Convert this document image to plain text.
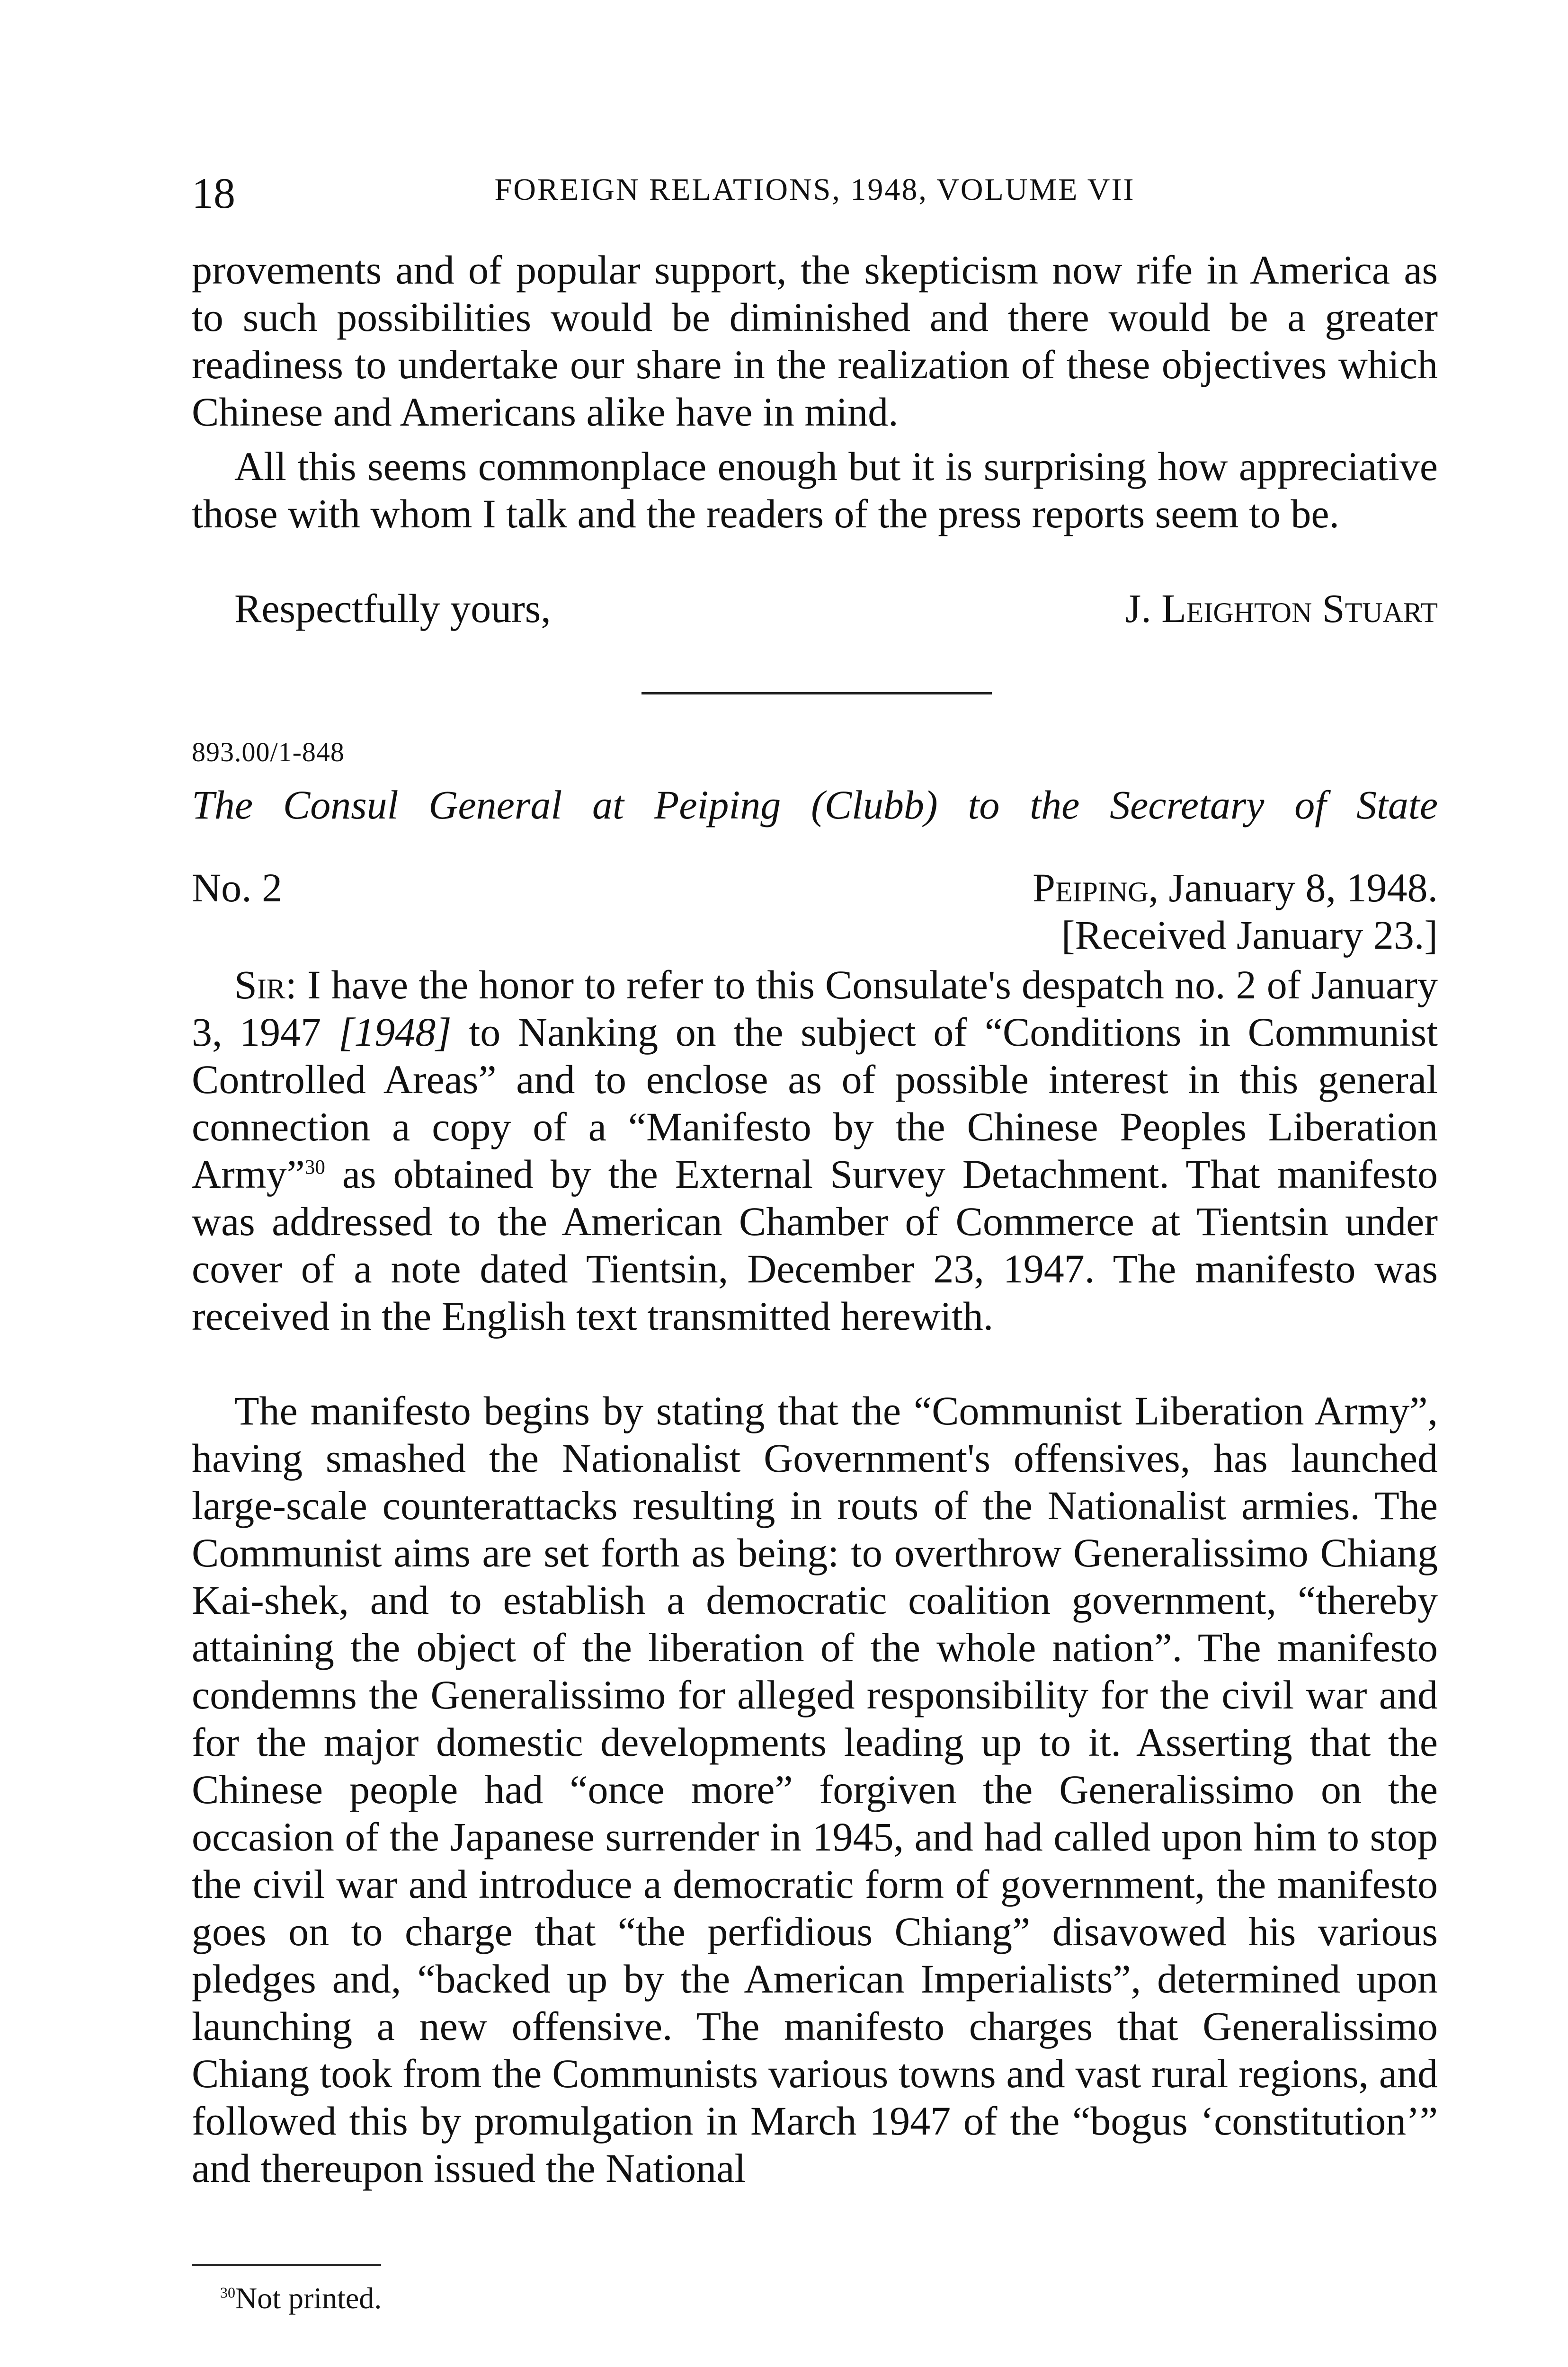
18	FOREIGN RELATIONS, 1948, VOLUME VII

provements and of popular support, the skepticism now rife in America as to such possibilities would be diminished and there would be a greater readiness to undertake our share in the realization of these objectives which Chinese and Americans alike have in mind.

All this seems commonplace enough but it is surprising how appreciative those with whom I talk and the readers of the press reports seem to be.

Respectfully yours,	J. Leighton Stuart
893.00/1-848
The Consul General at Peiping (Clubb) to the Secretary of State
No. 2	Peiping, January 8, 1948.
[Received January 23.]

Sir: I have the honor to refer to this Consulate's despatch no. 2 of January 3, 1947 [1948] to Nanking on the subject of “Conditions in Communist Controlled Areas” and to enclose as of possible interest in this general connection a copy of a “Manifesto by the Chinese Peoples Liberation Army”$^{30}$ as obtained by the External Survey Detachment. That manifesto was addressed to the American Chamber of Commerce at Tientsin under cover of a note dated Tientsin, December 23, 1947. The manifesto was received in the English text transmitted herewith.

The manifesto begins by stating that the “Communist Liberation Army”, having smashed the Nationalist Government's offensives, has launched large-scale counterattacks resulting in routs of the Nationalist armies. The Communist aims are set forth as being: to overthrow Generalissimo Chiang Kai-shek, and to establish a democratic coalition government, “thereby attaining the object of the liberation of the whole nation”. The manifesto condemns the Generalissimo for alleged responsibility for the civil war and for the major domestic developments leading up to it. Asserting that the Chinese people had “once more” forgiven the Generalissimo on the occasion of the Japanese surrender in 1945, and had called upon him to stop the civil war and introduce a democratic form of government, the manifesto goes on to charge that “the perfidious Chiang” disavowed his various pledges and, “backed up by the American Imperialists”, determined upon launching a new offensive. The manifesto charges that Generalissimo Chiang took from the Communists various towns and vast rural regions, and followed this by promulgation in March 1947 of the “bogus ‘constitution’” and thereupon issued the National

$^{30}$Not printed.
